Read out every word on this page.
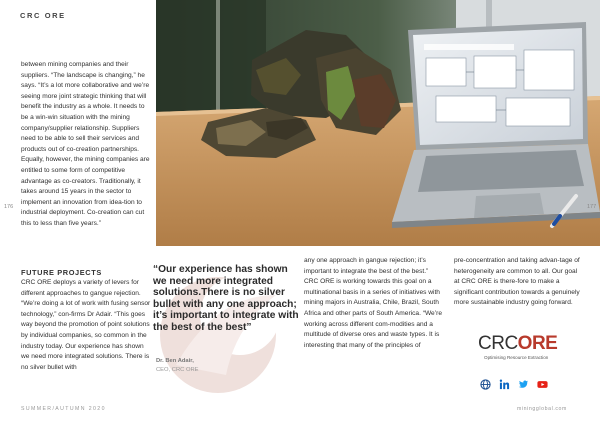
CRC ORE
176	177
between mining companies and their suppliers. “The landscape is changing,” he says. “It’s a lot more collaborative and we’re seeing more joint strategic thinking that will benefit the industry as a whole. It needs to be a win-win situation with the mining company/supplier relationship. Suppliers need to be able to sell their services and products out of co-creation partnerships. Equally, however, the mining companies are entitled to some form of competitive advantage as co-creators. Traditionally, it takes around 15 years in the sector to implement an innovation from idea-tion to industrial deployment. Co-creation can cut this to less than five years.”
FUTURE PROJECTS
CRC ORE deploys a variety of levers for different approaches to gangue rejection. “We’re doing a lot of work with fusing sensor technology,” con-firms Dr Adair. “This goes way beyond the promotion of point solutions by individual companies, so common in the industry today. Our experience has shown we need more integrated solutions. There is no silver bullet with
“Our experience has shown we need more integrated solutions.There is no silver bullet with any one approach; it’s important to integrate with the best of the best”
Dr. Ben Adair,
CEO, CRC ORE
any one approach in gangue rejection; it’s important to integrate the best of the best.”  CRC ORE is working towards this goal on a multinational basis in a series of initiatives with mining majors in Australia, Chile, Brazil, South Africa and other parts of South America. “We’re working across different com-modities and a multitude of diverse ores and waste types. It is interesting that many of the principles of
pre-concentration and taking advan-tage of heterogeneity are common to all. Our goal at CRC ORE is there-fore to make a significant contribution towards a genuinely more sustainable industry going forward.
CRCORE
Optimising Resource Extraction
SUMMER/AUTUMN 2020	miningglobal.com
